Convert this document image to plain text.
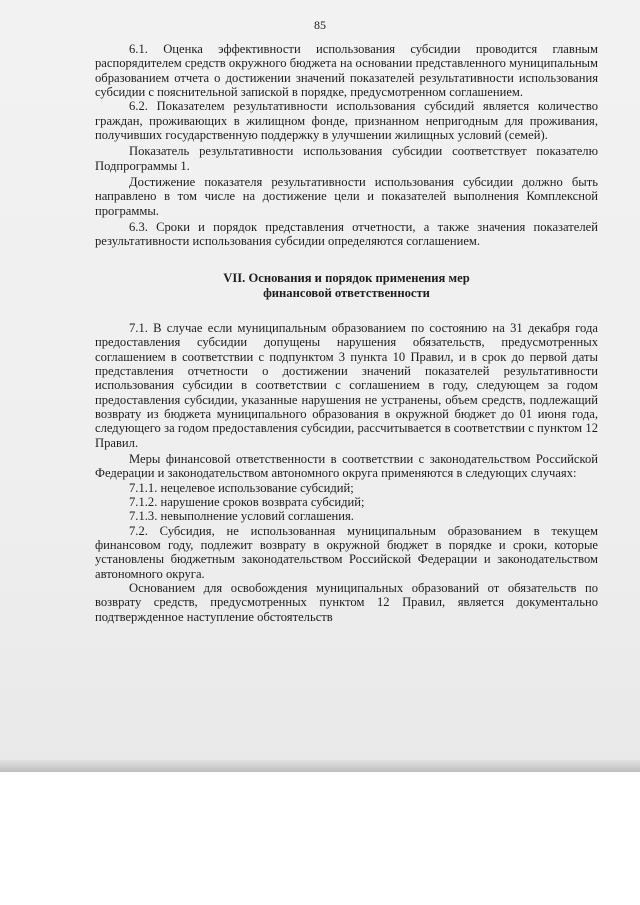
85

6.1. Оценка эффективности использования субсидии проводится главным распорядителем средств окружного бюджета на основании представленного муниципальным образованием отчета о достижении значений показателей результативности использования субсидии с пояснительной запиской в порядке, предусмотренном соглашением.

6.2. Показателем результативности использования субсидий является количество граждан, проживающих в жилищном фонде, признанном непригодным для проживания, получивших государственную поддержку в улучшении жилищных условий (семей).

Показатель результативности использования субсидии соответствует показателю Подпрограммы 1.

Достижение показателя результативности использования субсидии должно быть направлено в том числе на достижение цели и показателей выполнения Комплексной программы.

6.3. Сроки и порядок представления отчетности, а также значения показателей результативности использования субсидии определяются соглашением.

VII. Основания и порядок применения мер
финансовой ответственности

7.1. В случае если муниципальным образованием по состоянию на 31 декабря года предоставления субсидии допущены нарушения обязательств, предусмотренных соглашением в соответствии с подпунктом 3 пункта 10 Правил, и в срок до первой даты представления отчетности о достижении значений показателей результативности использования субсидии в соответствии с соглашением в году, следующем за годом предоставления субсидии, указанные нарушения не устранены, объем средств, подлежащий возврату из бюджета муниципального образования в окружной бюджет до 01 июня года, следующего за годом предоставления субсидии, рассчитывается в соответствии с пунктом 12 Правил.

Меры финансовой ответственности в соответствии с законодательством Российской Федерации и законодательством автономного округа применяются в следующих случаях:

7.1.1. нецелевое использование субсидий;

7.1.2. нарушение сроков возврата субсидий;

7.1.3. невыполнение условий соглашения.

7.2. Субсидия, не использованная муниципальным образованием в текущем финансовом году, подлежит возврату в окружной бюджет в порядке и сроки, которые установлены бюджетным законодательством Российской Федерации и законодательством автономного округа.

Основанием для освобождения муниципальных образований от обязательств по возврату средств, предусмотренных пунктом 12 Правил, является документально подтвержденное наступление обстоятельств
